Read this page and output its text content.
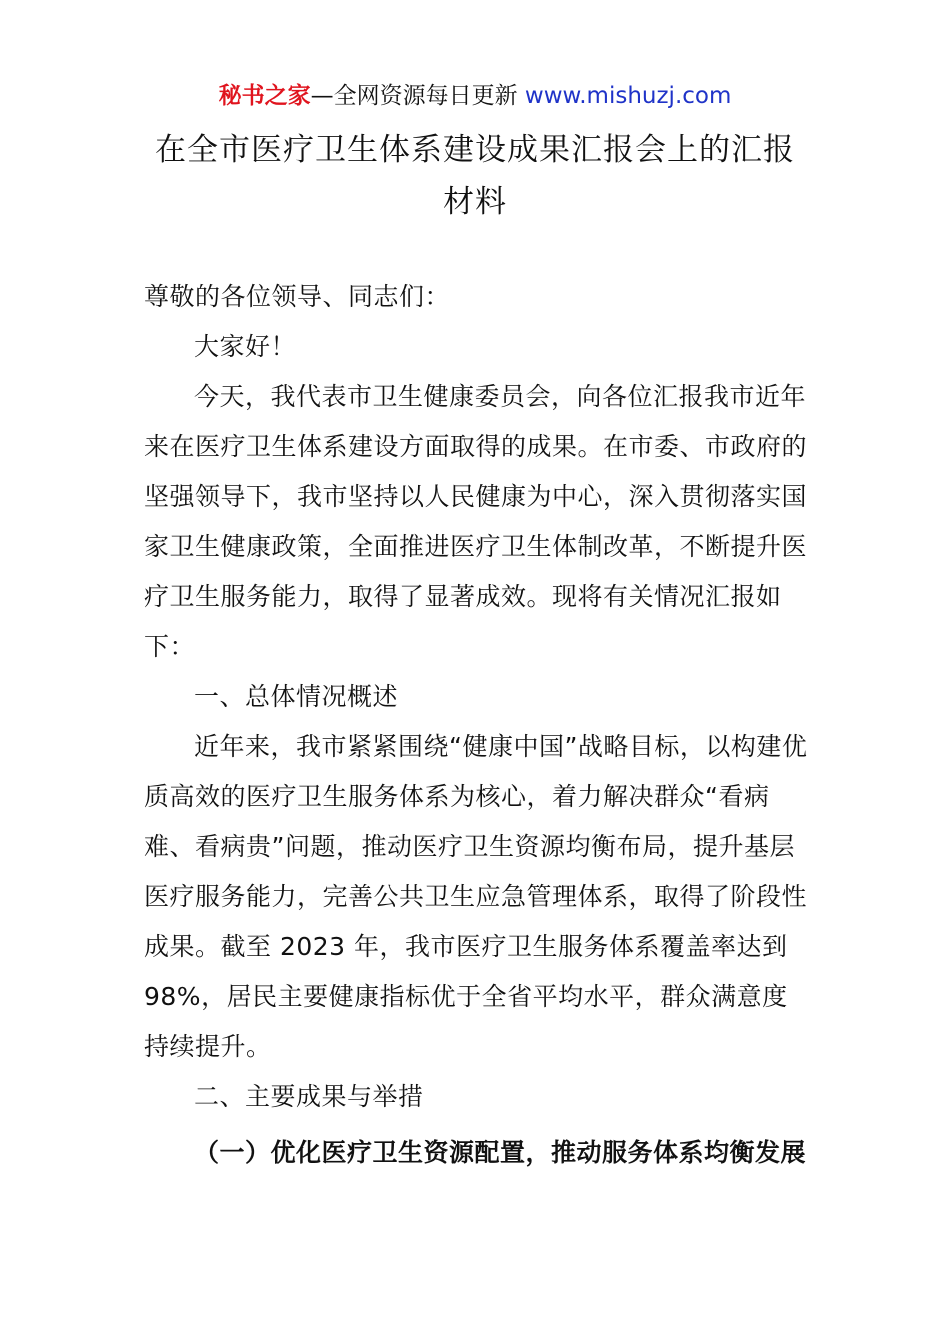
秘书之家—全网资源每日更新 www.mishuzj.com
在全市医疗卫生体系建设成果汇报会上的汇报材料

尊敬的各位领导、同志们：

大家好！

今天，我代表市卫生健康委员会，向各位汇报我市近年来在医疗卫生体系建设方面取得的成果。在市委、市政府的坚强领导下，我市坚持以人民健康为中心，深入贯彻落实国家卫生健康政策，全面推进医疗卫生体制改革，不断提升医疗卫生服务能力，取得了显著成效。现将有关情况汇报如下：

一、总体情况概述

近年来，我市紧紧围绕“健康中国”战略目标，以构建优质高效的医疗卫生服务体系为核心，着力解决群众“看病难、看病贵”问题，推动医疗卫生资源均衡布局，提升基层医疗服务能力，完善公共卫生应急管理体系，取得了阶段性成果。截至 2023 年，我市医疗卫生服务体系覆盖率达到 98%，居民主要健康指标优于全省平均水平，群众满意度持续提升。

二、主要成果与举措

（一）优化医疗卫生资源配置，推动服务体系均衡发展
